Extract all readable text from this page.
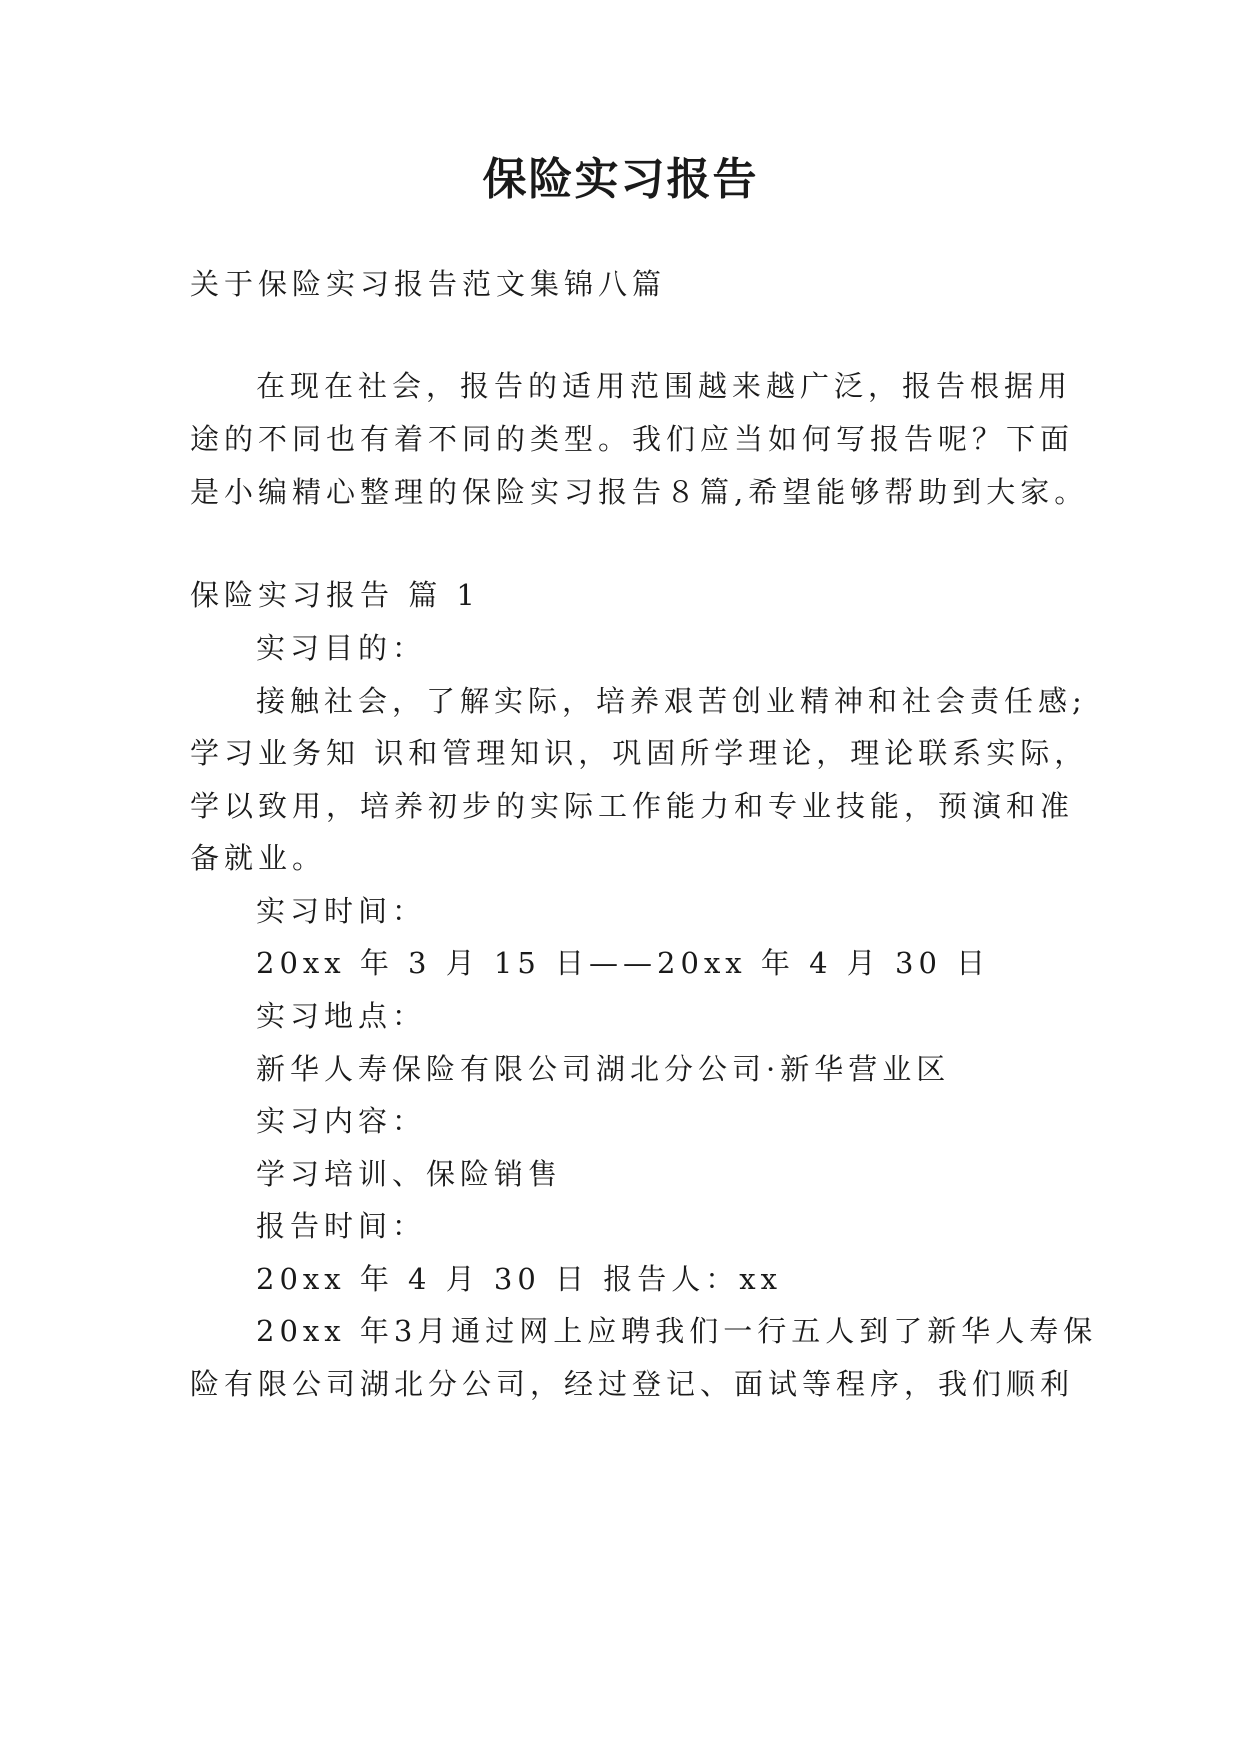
保险实习报告
关于保险实习报告范文集锦八篇
在现在社会，报告的适用范围越来越广泛，报告根据用
途的不同也有着不同的类型。我们应当如何写报告呢？下面
是小编精心整理的保险实习报告８篇,希望能够帮助到大家。
保险实习报告 篇 1
实习目的：
接触社会，了解实际，培养艰苦创业精神和社会责任感;
学习业务知 识和管理知识，巩固所学理论，理论联系实际，
学以致用，培养初步的实际工作能力和专业技能，预演和准
备就业。
实习时间：
20xx 年 3 月 15 日——20xx 年 4 月 30 日
实习地点：
新华人寿保险有限公司湖北分公司·新华营业区
实习内容：
学习培训、保险销售
报告时间：
20xx 年 4 月 30 日 报告人：xx
20xx 年3月通过网上应聘我们一行五人到了新华人寿保
险有限公司湖北分公司，经过登记、面试等程序，我们顺利
